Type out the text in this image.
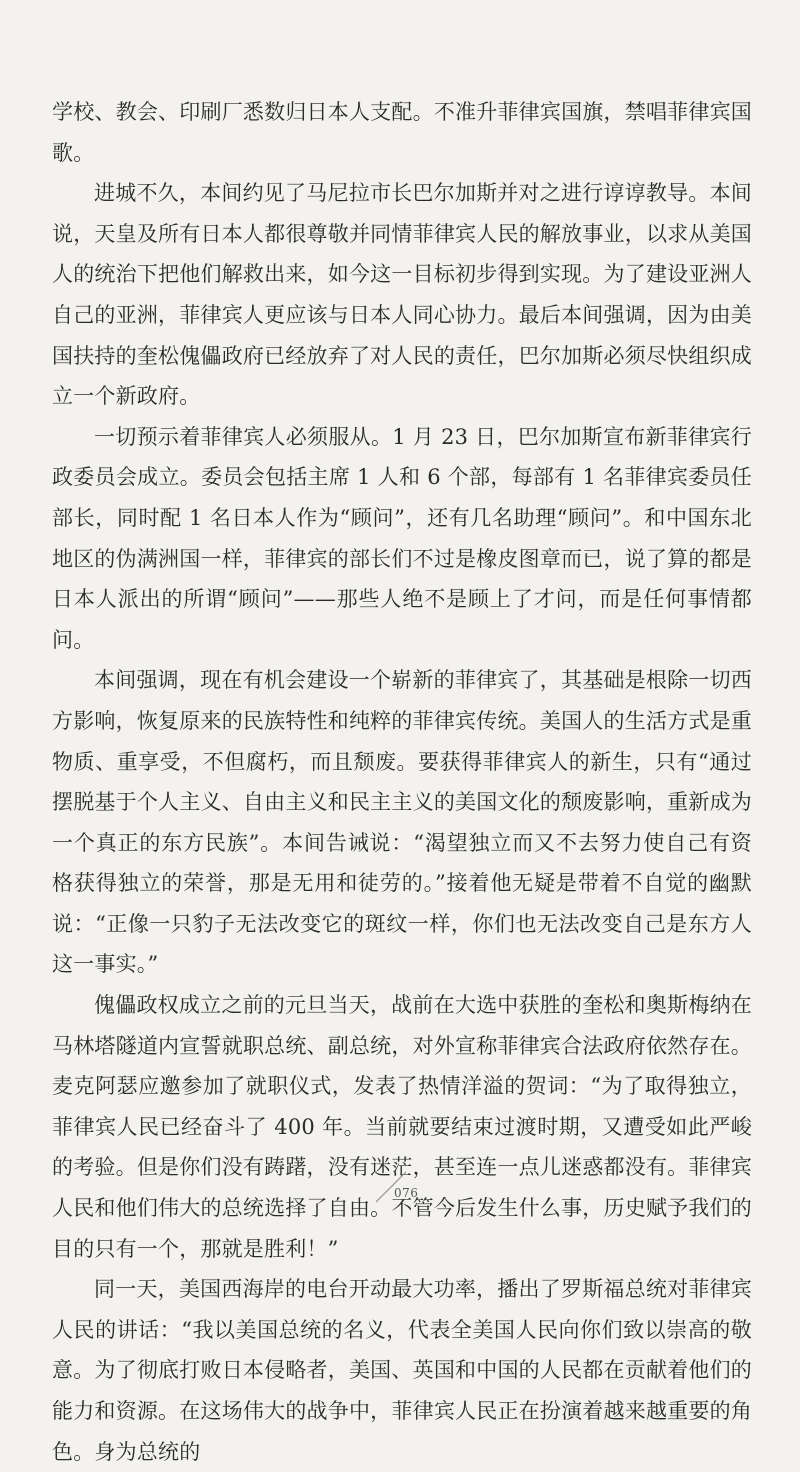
学校、教会、印刷厂悉数归日本人支配。不准升菲律宾国旗，禁唱菲律宾国歌。

进城不久，本间约见了马尼拉市长巴尔加斯并对之进行谆谆教导。本间说，天皇及所有日本人都很尊敬并同情菲律宾人民的解放事业，以求从美国人的统治下把他们解救出来，如今这一目标初步得到实现。为了建设亚洲人自己的亚洲，菲律宾人更应该与日本人同心协力。最后本间强调，因为由美国扶持的奎松傀儡政府已经放弃了对人民的责任，巴尔加斯必须尽快组织成立一个新政府。

一切预示着菲律宾人必须服从。1 月 23 日，巴尔加斯宣布新菲律宾行政委员会成立。委员会包括主席 1 人和 6 个部，每部有 1 名菲律宾委员任部长，同时配 1 名日本人作为“顾问”，还有几名助理“顾问”。和中国东北地区的伪满洲国一样，菲律宾的部长们不过是橡皮图章而已，说了算的都是日本人派出的所谓“顾问”——那些人绝不是顾上了才问，而是任何事情都问。

本间强调，现在有机会建设一个崭新的菲律宾了，其基础是根除一切西方影响，恢复原来的民族特性和纯粹的菲律宾传统。美国人的生活方式是重物质、重享受，不但腐朽，而且颓废。要获得菲律宾人的新生，只有“通过摆脱基于个人主义、自由主义和民主主义的美国文化的颓废影响，重新成为一个真正的东方民族”。本间告诫说：“渴望独立而又不去努力使自己有资格获得独立的荣誉，那是无用和徒劳的。”接着他无疑是带着不自觉的幽默说：“正像一只豹子无法改变它的斑纹一样，你们也无法改变自己是东方人这一事实。”

傀儡政权成立之前的元旦当天，战前在大选中获胜的奎松和奥斯梅纳在马林塔隧道内宣誓就职总统、副总统，对外宣称菲律宾合法政府依然存在。麦克阿瑟应邀参加了就职仪式，发表了热情洋溢的贺词：“为了取得独立，菲律宾人民已经奋斗了 400 年。当前就要结束过渡时期，又遭受如此严峻的考验。但是你们没有踌躇，没有迷茫，甚至连一点儿迷惑都没有。菲律宾人民和他们伟大的总统选择了自由。不管今后发生什么事，历史赋予我们的目的只有一个，那就是胜利！”

同一天，美国西海岸的电台开动最大功率，播出了罗斯福总统对菲律宾人民的讲话：“我以美国总统的名义，代表全美国人民向你们致以崇高的敬意。为了彻底打败日本侵略者，美国、英国和中国的人民都在贡献着他们的能力和资源。在这场伟大的战争中，菲律宾人民正在扮演着越来越重要的角色。身为总统的

076
